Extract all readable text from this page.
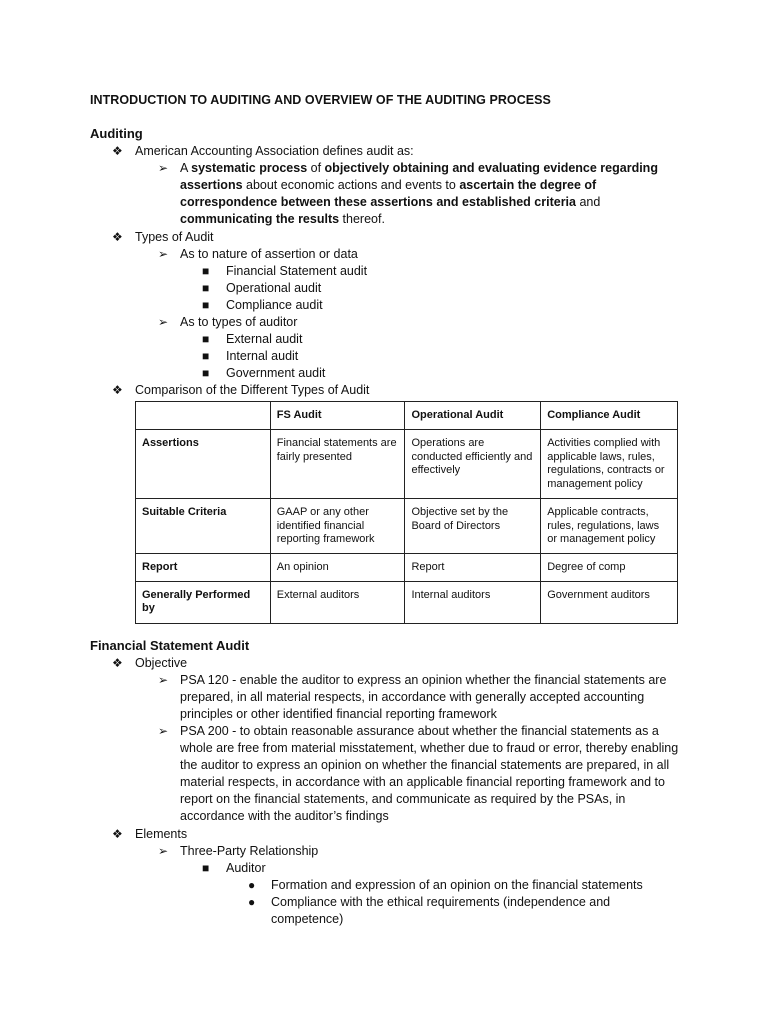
INTRODUCTION TO AUDITING AND OVERVIEW OF THE AUDITING PROCESS
Auditing
❖ American Accounting Association defines audit as:
➢ A systematic process of objectively obtaining and evaluating evidence regarding assertions about economic actions and events to ascertain the degree of correspondence between these assertions and established criteria and communicating the results thereof.
❖ Types of Audit
➢ As to nature of assertion or data
■ Financial Statement audit
■ Operational audit
■ Compliance audit
➢ As to types of auditor
■ External audit
■ Internal audit
■ Government audit
❖ Comparison of the Different Types of Audit
	FS Audit	Operational Audit	Compliance Audit
Assertions	Financial statements are fairly presented	Operations are conducted efficiently and effectively	Activities complied with applicable laws, rules, regulations, contracts or management policy
Suitable Criteria	GAAP or any other identified financial reporting framework	Objective set by the Board of Directors	Applicable contracts, rules, regulations, laws or management policy
Report	An opinion	Report	Degree of comp
Generally Performed by	External auditors	Internal auditors	Government auditors
Financial Statement Audit
❖ Objective
➢ PSA 120 - enable the auditor to express an opinion whether the financial statements are prepared, in all material respects, in accordance with generally accepted accounting principles or other identified financial reporting framework
➢ PSA 200 - to obtain reasonable assurance about whether the financial statements as a whole are free from material misstatement, whether due to fraud or error, thereby enabling the auditor to express an opinion on whether the financial statements are prepared, in all material respects, in accordance with an applicable financial reporting framework and to report on the financial statements, and communicate as required by the PSAs, in accordance with the auditor’s findings
❖ Elements
➢ Three-Party Relationship
■ Auditor
● Formation and expression of an opinion on the financial statements
● Compliance with the ethical requirements (independence and competence)
